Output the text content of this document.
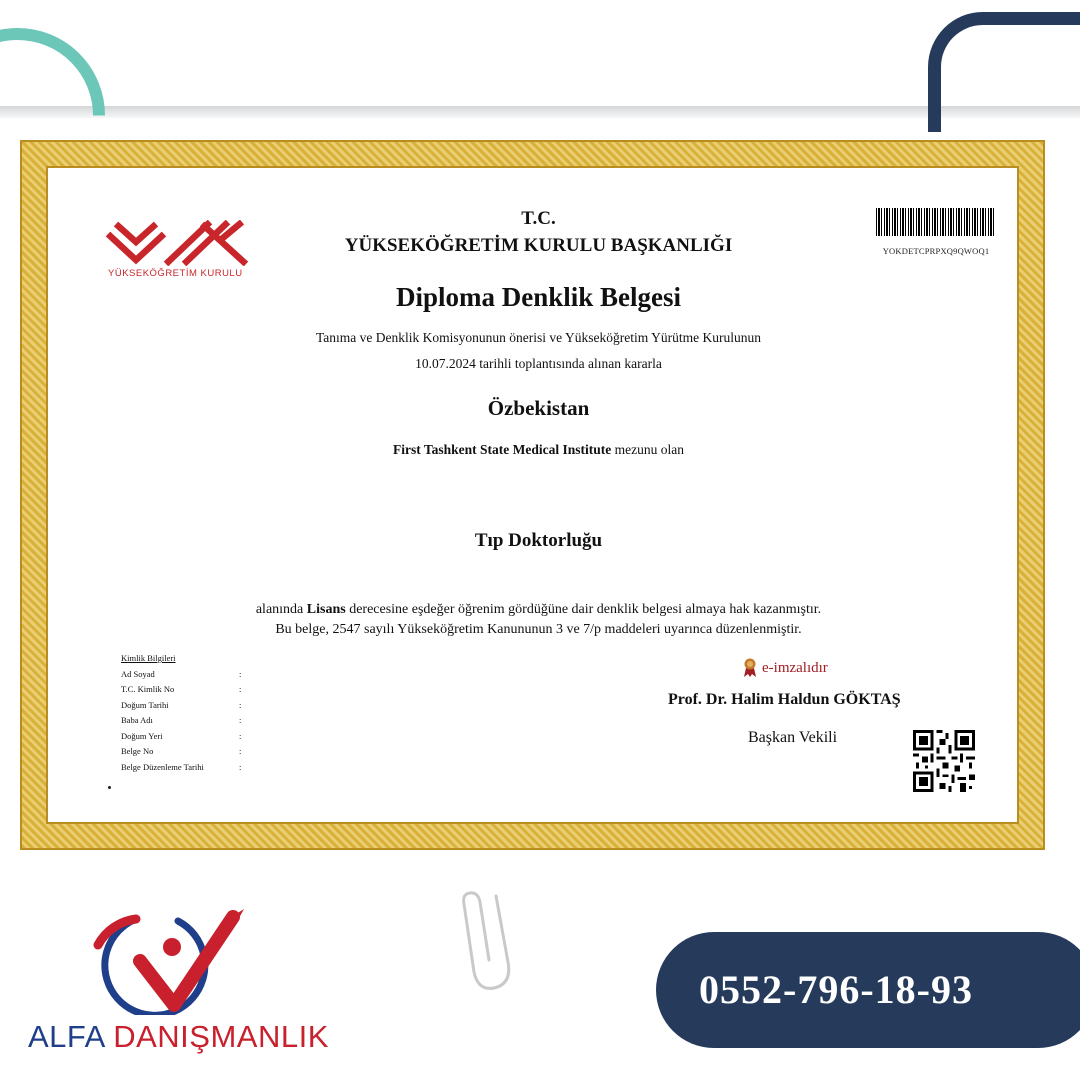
YÜKSEKÖĞRETİM KURULU
YOKDETCPRPXQ9QWOQ1
T.C.
YÜKSEKÖĞRETİM KURULU BAŞKANLIĞI
Diploma Denklik Belgesi
Tanıma ve Denklik Komisyonunun önerisi ve Yükseköğretim Yürütme Kurulunun
10.07.2024 tarihli toplantısında alınan kararla
Özbekistan
First Tashkent State Medical Institute mezunu olan
Tıp Doktorluğu
alanında Lisans derecesine eşdeğer öğrenim gördüğüne dair denklik belgesi almaya hak kazanmıştır.
Bu belge, 2547 sayılı Yükseköğretim Kanununun 3 ve 7/p maddeleri uyarınca düzenlenmiştir.
Kimlik Bilgileri
Ad Soyad	:
T.C. Kimlik No	:
Doğum Tarihi	:
Baba Adı	:
Doğum Yeri	:
Belge No	:
Belge Düzenleme Tarihi	:
e-imzalıdır
Prof. Dr. Halim Haldun GÖKTAŞ
Başkan Vekili
ALFA DANIŞMANLIK
0552-796-18-93
